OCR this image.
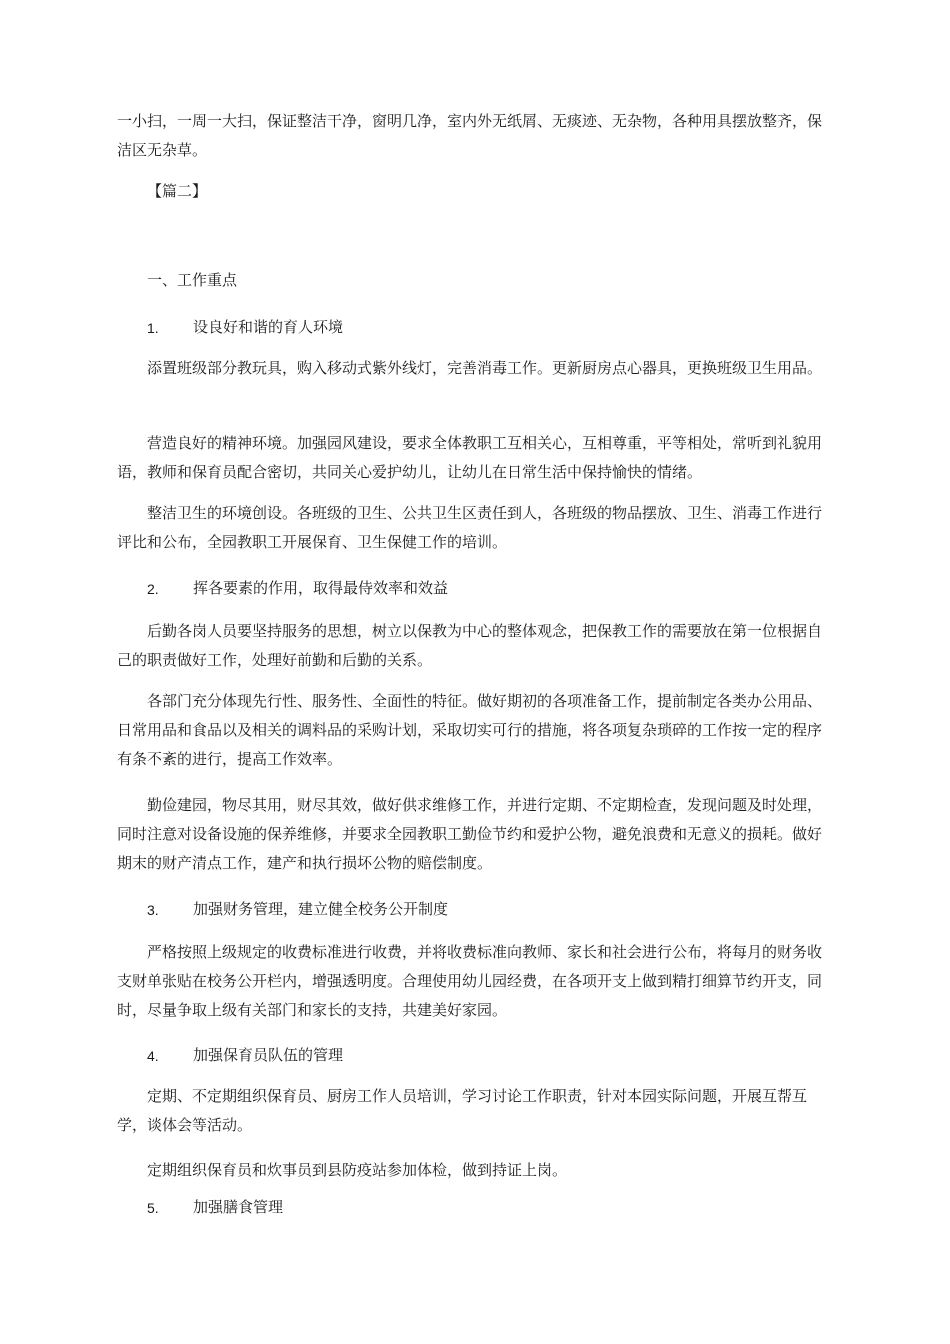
一小扫，一周一大扫，保证整洁干净，窗明几净，室内外无纸屑、无痰迹、无杂物，各种用具摆放整齐，保洁区无杂草。

【篇二】
一、工作重点
1. 设良好和谐的育人环境

添置班级部分教玩具，购入移动式紫外线灯，完善消毒工作。更新厨房点心器具，更换班级卫生用品。

营造良好的精神环境。加强园风建设，要求全体教职工互相关心，互相尊重，平等相处，常听到礼貌用语，教师和保育员配合密切，共同关心爱护幼儿，让幼儿在日常生活中保持愉快的情绪。

整洁卫生的环境创设。各班级的卫生、公共卫生区责任到人，各班级的物品摆放、卫生、消毒工作进行评比和公布，全园教职工开展保育、卫生保健工作的培训。

2. 挥各要素的作用，取得最侍效率和效益

后勤各岗人员要坚持服务的思想，树立以保教为中心的整体观念，把保教工作的需要放在第一位根据自己的职责做好工作，处理好前勤和后勤的关系。

各部门充分体现先行性、服务性、全面性的特征。做好期初的各项准备工作，提前制定各类办公用品、日常用品和食品以及相关的调料品的采购计划，采取切实可行的措施，将各项复杂琐碎的工作按一定的程序有条不紊的进行，提高工作效率。

勤俭建园，物尽其用，财尽其效，做好供求维修工作，并进行定期、不定期检查，发现问题及时处理，同时注意对设备设施的保养维修，并要求全园教职工勤俭节约和爱护公物，避免浪费和无意义的损耗。做好期末的财产清点工作，建产和执行损坏公物的赔偿制度。

3. 加强财务管理，建立健全校务公开制度

严格按照上级规定的收费标准进行收费，并将收费标准向教师、家长和社会进行公布，将每月的财务收支财单张贴在校务公开栏内，增强透明度。合理使用幼儿园经费，在各项开支上做到精打细算节约开支，同时，尽量争取上级有关部门和家长的支持，共建美好家园。

4. 加强保育员队伍的管理

定期、不定期组织保育员、厨房工作人员培训，学习讨论工作职责，针对本园实际问题，开展互帮互学，谈体会等活动。

定期组织保育员和炊事员到县防疫站参加体检，做到持证上岗。

5. 加强膳食管理
